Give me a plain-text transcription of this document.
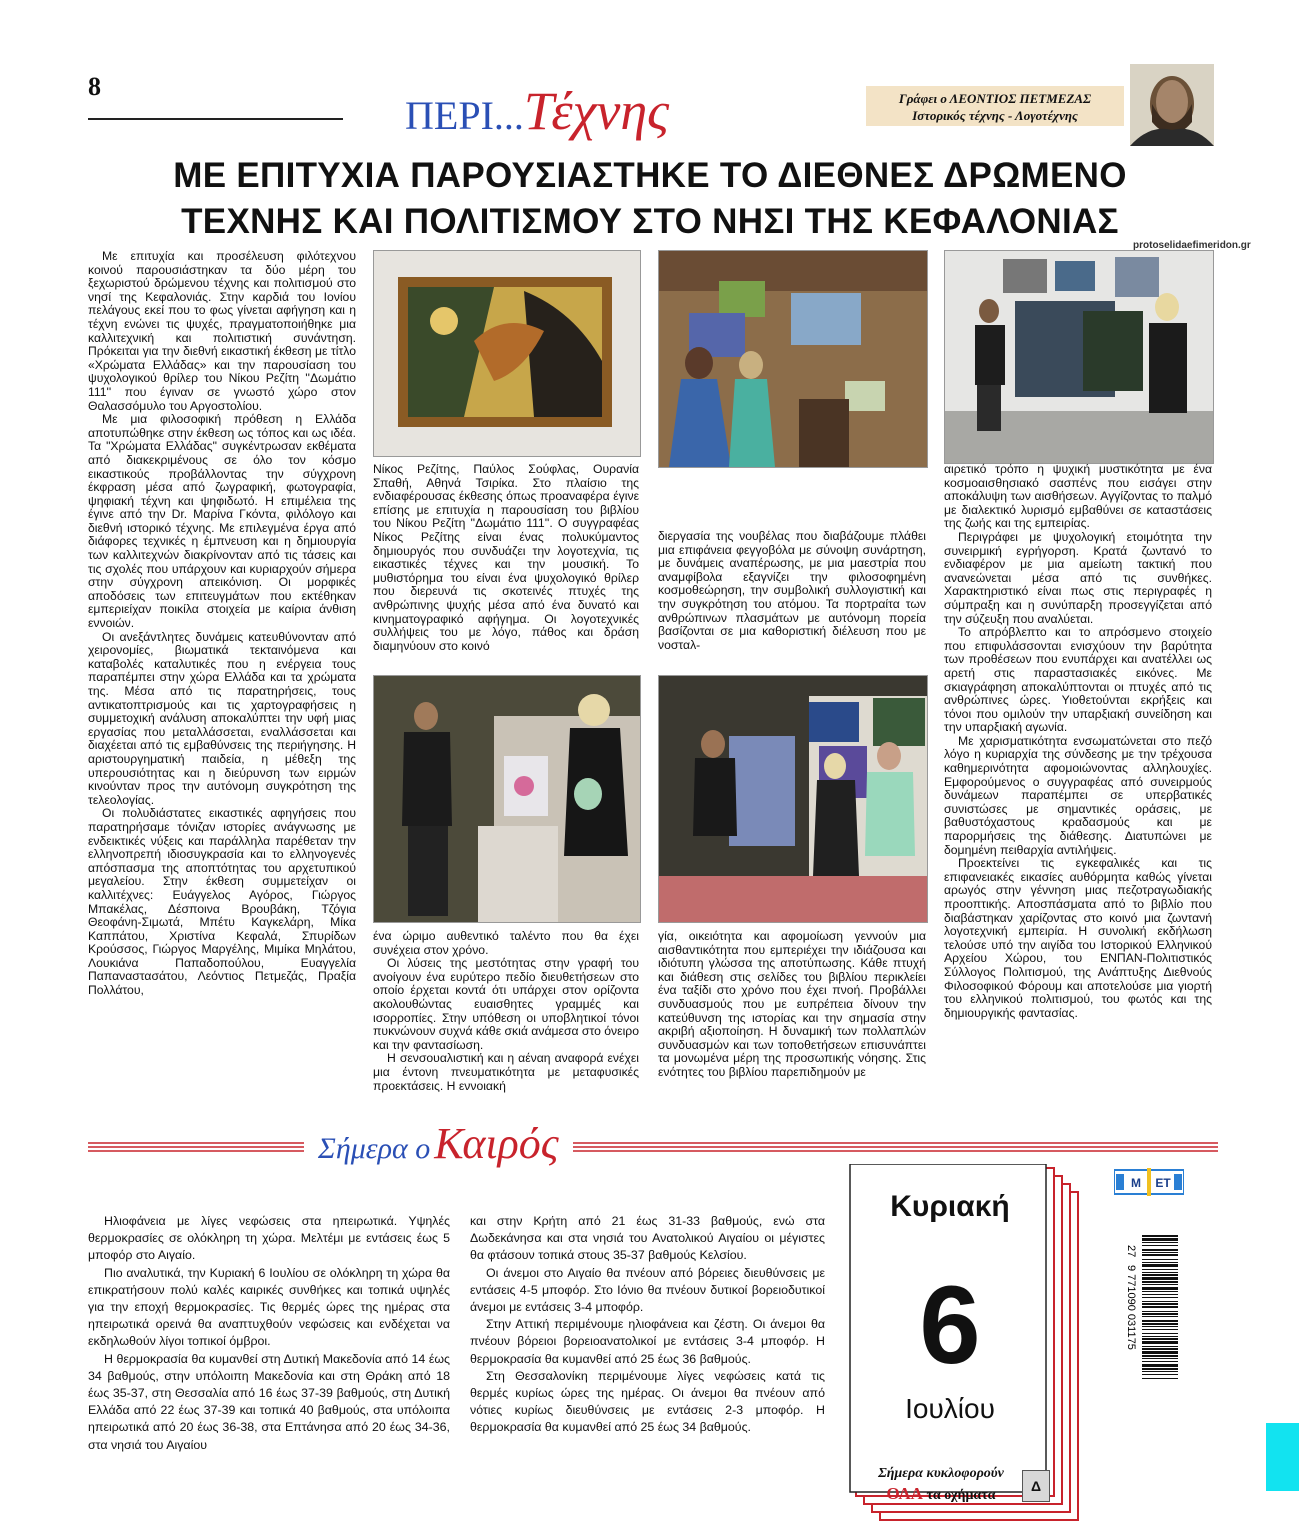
8
ΠΕΡΙ...Τέχνης	Γράφει ο ΛΕΟΝΤΙΟΣ ΠΕΤΜΕΖΑΣ
Ιστορικός τέχνης - Λογοτέχνης
ΜΕ ΕΠΙΤΥΧΙΑ ΠΑΡΟΥΣΙΑΣΤΗΚΕ ΤΟ ΔΙΕΘΝΕΣ ΔΡΩΜΕΝΟ
ΤΕΧΝΗΣ ΚΑΙ ΠΟΛΙΤΙΣΜΟΥ ΣΤΟ ΝΗΣΙ ΤΗΣ ΚΕΦΑΛΟΝΙΑΣ
protoselidaefimeridon.gr

Με επιτυχία και προσέλευση φιλότεχνου κοινού παρουσιάστηκαν τα δύο μέρη του ξεχωριστού δρώμενου τέχνης και πολιτισμού στο νησί της Κεφαλονιάς. Στην καρδιά του Ιονίου πελάγους εκεί που το φως γίνεται αφήγηση και η τέχνη ενώνει τις ψυχές, πραγματοποιήθηκε μια καλλιτεχνική και πολιτιστική συνάντηση. Πρόκειται για την διεθνή εικαστική έκθεση με τίτλο «Χρώματα Ελλάδας» και την παρουσίαση του ψυχολογικού θρίλερ του Νίκου Ρεζίτη ''Δωμάτιο 111'' που έγιναν σε γνωστό χώρο στον Θαλασσόμυλο του Αργοστολίου.

Με μια φιλοσοφική πρόθεση η Ελλάδα αποτυπώθηκε στην έκθεση ως τόπος και ως ιδέα. Τα "Χρώματα Ελλάδας" συγκέντρωσαν εκθέματα από διακεκριμένους σε όλο τον κόσμο εικαστικούς προβάλλοντας την σύγχρονη έκφραση μέσα από ζωγραφική, φωτογραφία, ψηφιακή τέχνη και ψηφιδωτό. Η επιμέλεια της έγινε από την Dr. Μαρίνα Γκόντα, φιλόλογο και διεθνή ιστορικό τέχνης. Με επιλεγμένα έργα από διάφορες τεχνικές η έμπνευση και η δημιουργία των καλλιτεχνών διακρίνονταν από τις τάσεις και τις σχολές που υπάρχουν και κυριαρχούν σήμερα στην σύγχρονη απεικόνιση. Οι μορφικές αποδόσεις των επιτευγμάτων που εκτέθηκαν εμπεριείχαν ποικίλα στοιχεία με καίρια άνθιση εννοιών.

Οι ανεξάντλητες δυνάμεις κατευθύνονταν από χειρονομίες, βιωματικά τεκταινόμενα και καταβολές καταλυτικές που η ενέργεια τους παραπέμπει στην χώρα Ελλάδα και τα χρώματα της. Μέσα από τις παρατηρήσεις, τους αντικατοπτρισμούς και τις χαρτογραφήσεις η συμμετοχική ανάλυση αποκαλύπτει την υφή μιας εργασίας που μεταλλάσσεται, εναλλάσσεται και διαχέεται από τις εμβαθύνσεις της περιήγησης. Η αριστουργηματική παιδεία, η μέθεξη της υπερουσιότητας και η διεύρυνση των ειρμών κινούνταν προς την αυτόνομη συγκρότηση της τελεολογίας.

Οι πολυδιάστατες εικαστικές αφηγήσεις που παρατηρήσαμε τόνιζαν ιστορίες ανάγνωσης με ενδεικτικές νύξεις και παράλληλα παρέθεταν την ελληνοπρεπή ιδιοσυγκρασία και το ελληνογενές απόσπασμα της αποπτότητας του αρχετυπικού μεγαλείου. Στην έκθεση συμμετείχαν οι καλλιτέχνες: Ευάγγελος Αγόρος, Γιώργος Μπακέλας, Δέσποινα Βρουβάκη, Τζόγια Θεοφάνη-Σιμωτά, Μπέτυ Καγκελάρη, Μίκα Καππάτου, Χριστίνα Κεφαλά, Σπυρίδων Κρούσσος, Γιώργος Μαργέλης, Μιμίκα Μηλάτου, Λουκιάνα Παπαδοπούλου, Ευαγγελία Παπαναστασάτου, Λεόντιος Πετμεζάς, Πραξία Πολλάτου,

Νίκος Ρεζίτης, Παύλος Σούφλας, Ουρανία Σπαθή, Αθηνά Τσιρίκα. Στο πλαίσιο της ενδιαφέρουσας έκθεσης όπως προαναφέρα έγινε επίσης με επιτυχία η παρουσίαση του βιβλίου του Νίκου Ρεζίτη ''Δωμάτιο 111''. Ο συγγραφέας Νίκος Ρεζίτης είναι ένας πολυκύμαντος δημιουργός που συνδυάζει την λογοτεχνία, τις εικαστικές τέχνες και την μουσική. Το μυθιστόρημα του είναι ένα ψυχολογικό θρίλερ που διερευνά τις σκοτεινές πτυχές της ανθρώπινης ψυχής μέσα από ένα δυνατό και κινηματογραφικό αφήγημα. Οι λογοτεχνικές συλλήψεις του με λόγο, πάθος και δράση διαμηνύουν στο κοινό

ένα ώριμο αυθεντικό ταλέντο που θα έχει συνέχεια στον χρόνο.

Οι λύσεις της μεστότητας στην γραφή του ανοίγουν ένα ευρύτερο πεδίο διευθετήσεων στο οποίο έρχεται κοντά ότι υπάρχει στον ορίζοντα ακολουθώντας ευαισθητες γραμμές και ισορροπίες. Στην υπόθεση οι υποβλητικοί τόνοι πυκνώνουν συχνά κάθε σκιά ανάμεσα στο όνειρο και την φαντασίωση.

Η σενσουαλιστική και η αέναη αναφορά ενέχει μια έντονη πνευματικότητα με μεταφυσικές προεκτάσεις. Η εννοιακή

διεργασία της νουβέλας που διαβάζουμε πλάθει μια επιφάνεια φεγγοβόλα με σύνοψη συνάρτηση, με δυνάμεις αναπέρωσης, με μια μαεστρία που αναμφίβολα εξαγνίζει την φιλοσοφημένη κοσμοθεώρηση, την συμβολική συλλογιστική και την συγκρότηση του ατόμου. Τα πορτραίτα των ανθρώπινων πλασμάτων με αυτόνομη πορεία βασίζονται σε μια καθοριστική διέλευση που με νοσταλ-

γία, οικειότητα και αφομοίωση γεννούν μια αισθαντικότητα που εμπεριέχει την ιδιάζουσα και ιδιότυπη γλώσσα της αποτύπωσης. Κάθε πτυχή και διάθεση στις σελίδες του βιβλίου περικλείει ένα ταξίδι στο χρόνο που έχει πνοή. Προβάλλει συνδυασμούς που με ευπρέπεια δίνουν την κατεύθυνση της ιστορίας και την σημασία στην ακριβή αξιοποίηση. Η δυναμική των πολλαπλών συνδυασμών και των τοποθετήσεων επισυνάπτει τα μονωμένα μέρη της προσωπικής νόησης. Στις ενότητες του βιβλίου παρεπιδημούν με

αιρετικό τρόπο η ψυχική μυστικότητα με ένα κοσμοαισθησιακό σασπένς που εισάγει στην αποκάλυψη των αισθήσεων. Αγγίζοντας το παλμό με διαλεκτικό λυρισμό εμβαθύνει σε καταστάσεις της ζωής και της εμπειρίας.

Περιγράφει με ψυχολογική ετοιμότητα την συνειρμική εγρήγορση. Κρατά ζωντανό το ενδιαφέρον με μια αμείωτη τακτική που ανανεώνεται μέσα από τις συνθήκες. Χαρακτηριστικό είναι πως στις περιγραφές η σύμπραξη και η συνύπαρξη προσεγγίζεται από την σύζευξη που αναλύεται.

Το απρόβλεπτο και το απρόσμενο στοιχείο που επιφυλάσσονται ενισχύουν την βαρύτητα των προθέσεων που ενυπάρχει και ανατέλλει ως αρετή στις παραστασιακές εικόνες. Με σκιαγράφηση αποκαλύπτονται οι πτυχές από τις ανθρώπινες ώρες. Υιοθετούνται εκρήξεις και τόνοι που ομιλούν την υπαρξιακή συνείδηση και την υπαρξιακή αγωνία.

Με χαρισματικότητα ενσωματώνεται στο πεζό λόγο η κυριαρχία της σύνδεσης με την τρέχουσα καθημερινότητα αφομοιώνοντας αλληλουχίες. Εμφορούμενος ο συγγραφέας από συνειρμούς δυνάμεων παραπέμπει σε υπερβατικές συνιστώσες με σημαντικές οράσεις, με βαθυστόχαστους κραδασμούς και με παρορμήσεις της διάθεσης. Διατυπώνει με δομημένη πειθαρχία αντιλήψεις.

Προεκτείνει τις εγκεφαλικές και τις επιφανειακές εικασίες αυθόρμητα καθώς γίνεται αρωγός στην γέννηση μιας πεζοτραγωδιακής προοπτικής. Αποσπάσματα από το βιβλίο που διαβάστηκαν χαρίζοντας στο κοινό μια ζωντανή λογοτεχνική εμπειρία. Η συνολική εκδήλωση τελούσε υπό την αιγίδα του Ιστορικού Ελληνικού Αρχείου Χώρου, του ΕΝΠΑΝ-Πολιτιστικός Σύλλογος Πολιτισμού, της Ανάπτυξης Διεθνούς Φιλοσοφικού Φόρουμ και αποτελούσε μια γιορτή του ελληνικού πολιτισμού, του φωτός και της δημιουργικής φαντασίας.

Σήμερα ο Καιρός

Ηλιοφάνεια με λίγες νεφώσεις στα ηπειρωτικά. Υψηλές θερμοκρασίες σε ολόκληρη τη χώρα. Μελτέμι με εντάσεις έως 5 μποφόρ στο Αιγαίο.

Πιο αναλυτικά, την Κυριακή 6 Ιουλίου σε ολόκληρη τη χώρα θα επικρατήσουν πολύ καλές καιρικές συνθήκες και τοπικά υψηλές για την εποχή θερμοκρασίες. Τις θερμές ώρες της ημέρας στα ηπειρωτικά ορεινά θα αναπτυχθούν νεφώσεις και ενδέχεται να εκδηλωθούν λίγοι τοπικοί όμβροι.

Η θερμοκρασία θα κυμανθεί στη Δυτική Μακεδονία από 14 έως 34 βαθμούς, στην υπόλοιπη Μακεδονία και στη Θράκη από 18 έως 35-37, στη Θεσσαλία από 16 έως 37-39 βαθμούς, στη Δυτική Ελλάδα από 22 έως 37-39 και τοπικά 40 βαθμούς, στα υπόλοιπα ηπειρωτικά από 20 έως 36-38, στα Επτάνησα από 20 έως 34-36, στα νησιά του Αιγαίου

και στην Κρήτη από 21 έως 31-33 βαθμούς, ενώ στα Δωδεκάνησα και στα νησιά του Ανατολικού Αιγαίου οι μέγιστες θα φτάσουν τοπικά στους 35-37 βαθμούς Κελσίου.

Οι άνεμοι στο Αιγαίο θα πνέουν από βόρειες διευθύνσεις με εντάσεις 4-5 μποφόρ. Στο Ιόνιο θα πνέουν δυτικοί βορειοδυτικοί άνεμοι με εντάσεις 3-4 μποφόρ.

Στην Αττική περιμένουμε ηλιοφάνεια και ζέστη. Οι άνεμοι θα πνέουν βόρειοι βορειοανατολικοί με εντάσεις 3-4 μποφόρ. Η θερμοκρασία θα κυμανθεί από 25 έως 36 βαθμούς.

Στη Θεσσαλονίκη περιμένουμε λίγες νεφώσεις κατά τις θερμές κυρίως ώρες της ημέρας. Οι άνεμοι θα πνέουν από νότιες κυρίως διευθύνσεις με εντάσεις 2-3 μποφόρ. Η θερμοκρασία θα κυμανθεί από 25 έως 34 βαθμούς.

Κυριακή
6
Ιουλίου
Σήμερα κυκλοφορούν
ΟΛΑ τα οχήματα
Δ
Μ ΕΤ
27
9 771090 031175
